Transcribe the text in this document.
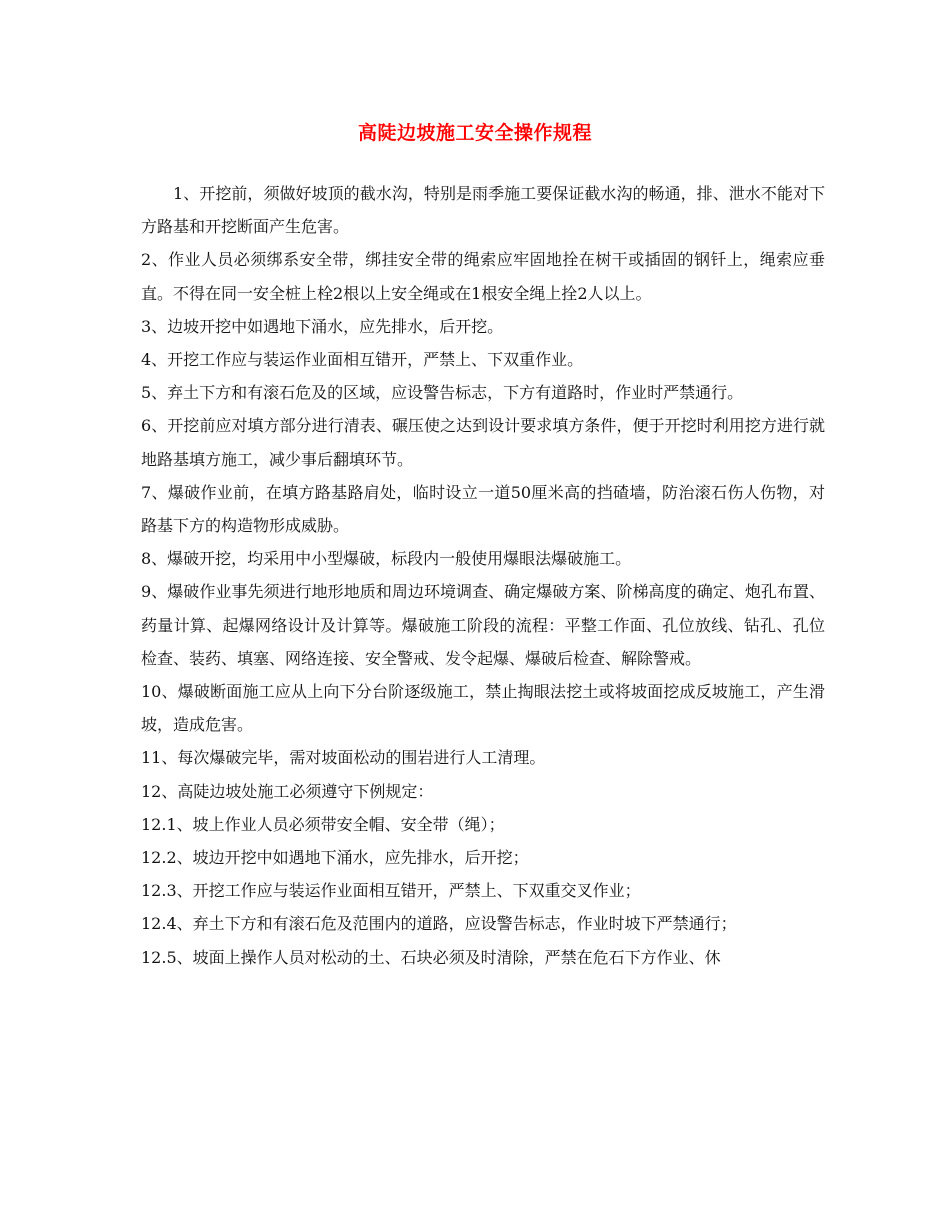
高陡边坡施工安全操作规程

1、开挖前，须做好坡顶的截水沟，特别是雨季施工要保证截水沟的畅通，排、泄水不能对下方路基和开挖断面产生危害。

2、作业人员必须绑系安全带，绑挂安全带的绳索应牢固地拴在树干或插固的钢钎上，绳索应垂直。不得在同一安全桩上栓2根以上安全绳或在1根安全绳上拴2人以上。

3、边坡开挖中如遇地下涌水，应先排水，后开挖。

4、开挖工作应与装运作业面相互错开，严禁上、下双重作业。

5、弃土下方和有滚石危及的区域，应设警告标志，下方有道路时，作业时严禁通行。

6、开挖前应对填方部分进行清表、碾压使之达到设计要求填方条件，便于开挖时利用挖方进行就地路基填方施工，减少事后翻填环节。

7、爆破作业前，在填方路基路肩处，临时设立一道50厘米高的挡碴墙，防治滚石伤人伤物，对路基下方的构造物形成威胁。

8、爆破开挖，均采用中小型爆破，标段内一般使用爆眼法爆破施工。

9、爆破作业事先须进行地形地质和周边环境调查、确定爆破方案、阶梯高度的确定、炮孔布置、药量计算、起爆网络设计及计算等。爆破施工阶段的流程：平整工作面、孔位放线、钻孔、孔位检查、装药、填塞、网络连接、安全警戒、发令起爆、爆破后检查、解除警戒。

10、爆破断面施工应从上向下分台阶逐级施工，禁止掏眼法挖土或将坡面挖成反坡施工，产生滑坡，造成危害。

11、每次爆破完毕，需对坡面松动的围岩进行人工清理。

12、高陡边坡处施工必须遵守下例规定：

12.1、坡上作业人员必须带安全帽、安全带（绳）；

12.2、坡边开挖中如遇地下涌水，应先排水，后开挖；

12.3、开挖工作应与装运作业面相互错开，严禁上、下双重交叉作业；

12.4、弃土下方和有滚石危及范围内的道路，应设警告标志，作业时坡下严禁通行；

12.5、坡面上操作人员对松动的土、石块必须及时清除，严禁在危石下方作业、休
